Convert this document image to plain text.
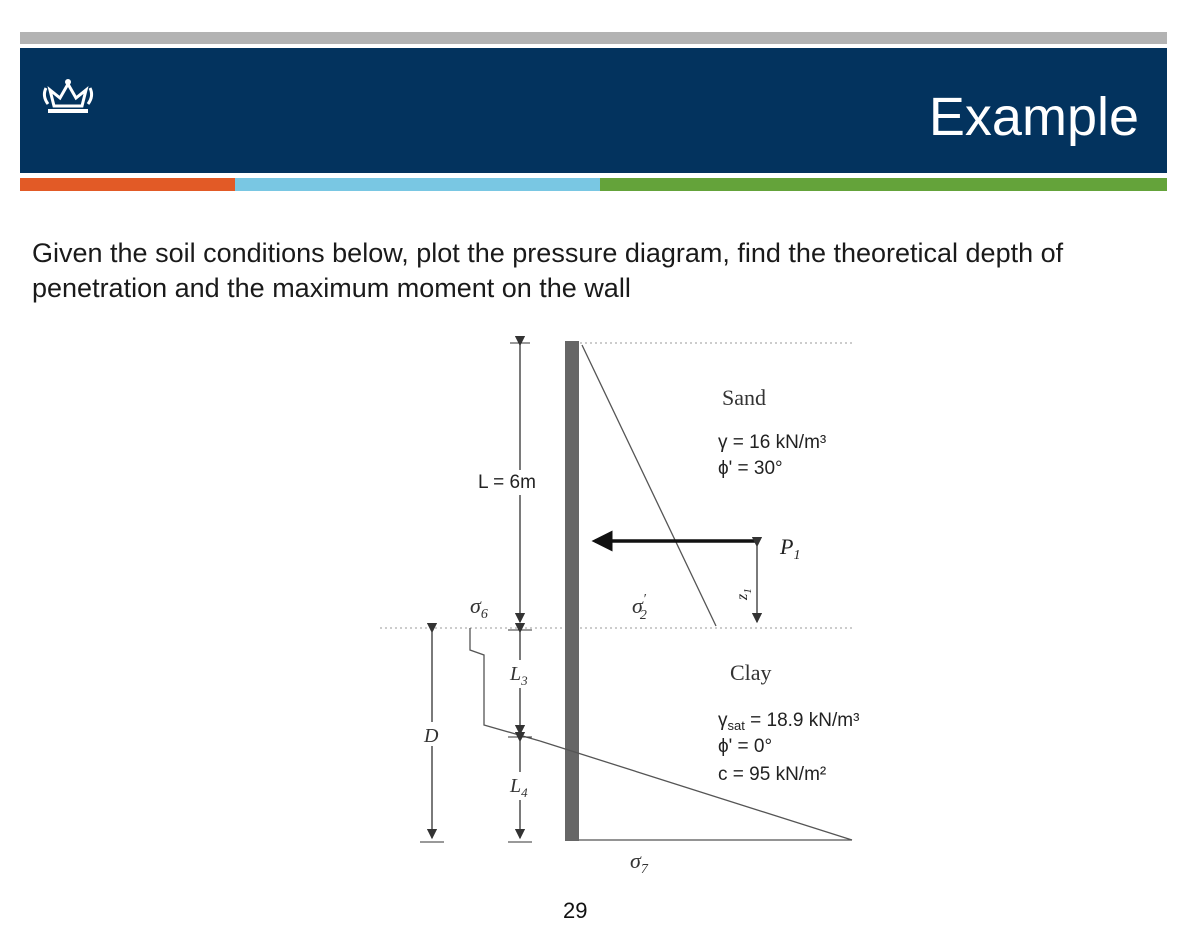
Example
Given the soil conditions below, plot the pressure diagram, find the theoretical depth of penetration and the maximum moment on the wall
$P_1$
$z_1$
L = 6m
$\sigma_6$	σ′ 2
$\sigma_7$
$L_3$
$L_4$
D
Sand
γ = 16 kN/m³
ϕ' = 30°
Clay
$\gamma_{sat} = 18.9$ kN/m³
ϕ' = 0°
c = 95 kN/m²
29
